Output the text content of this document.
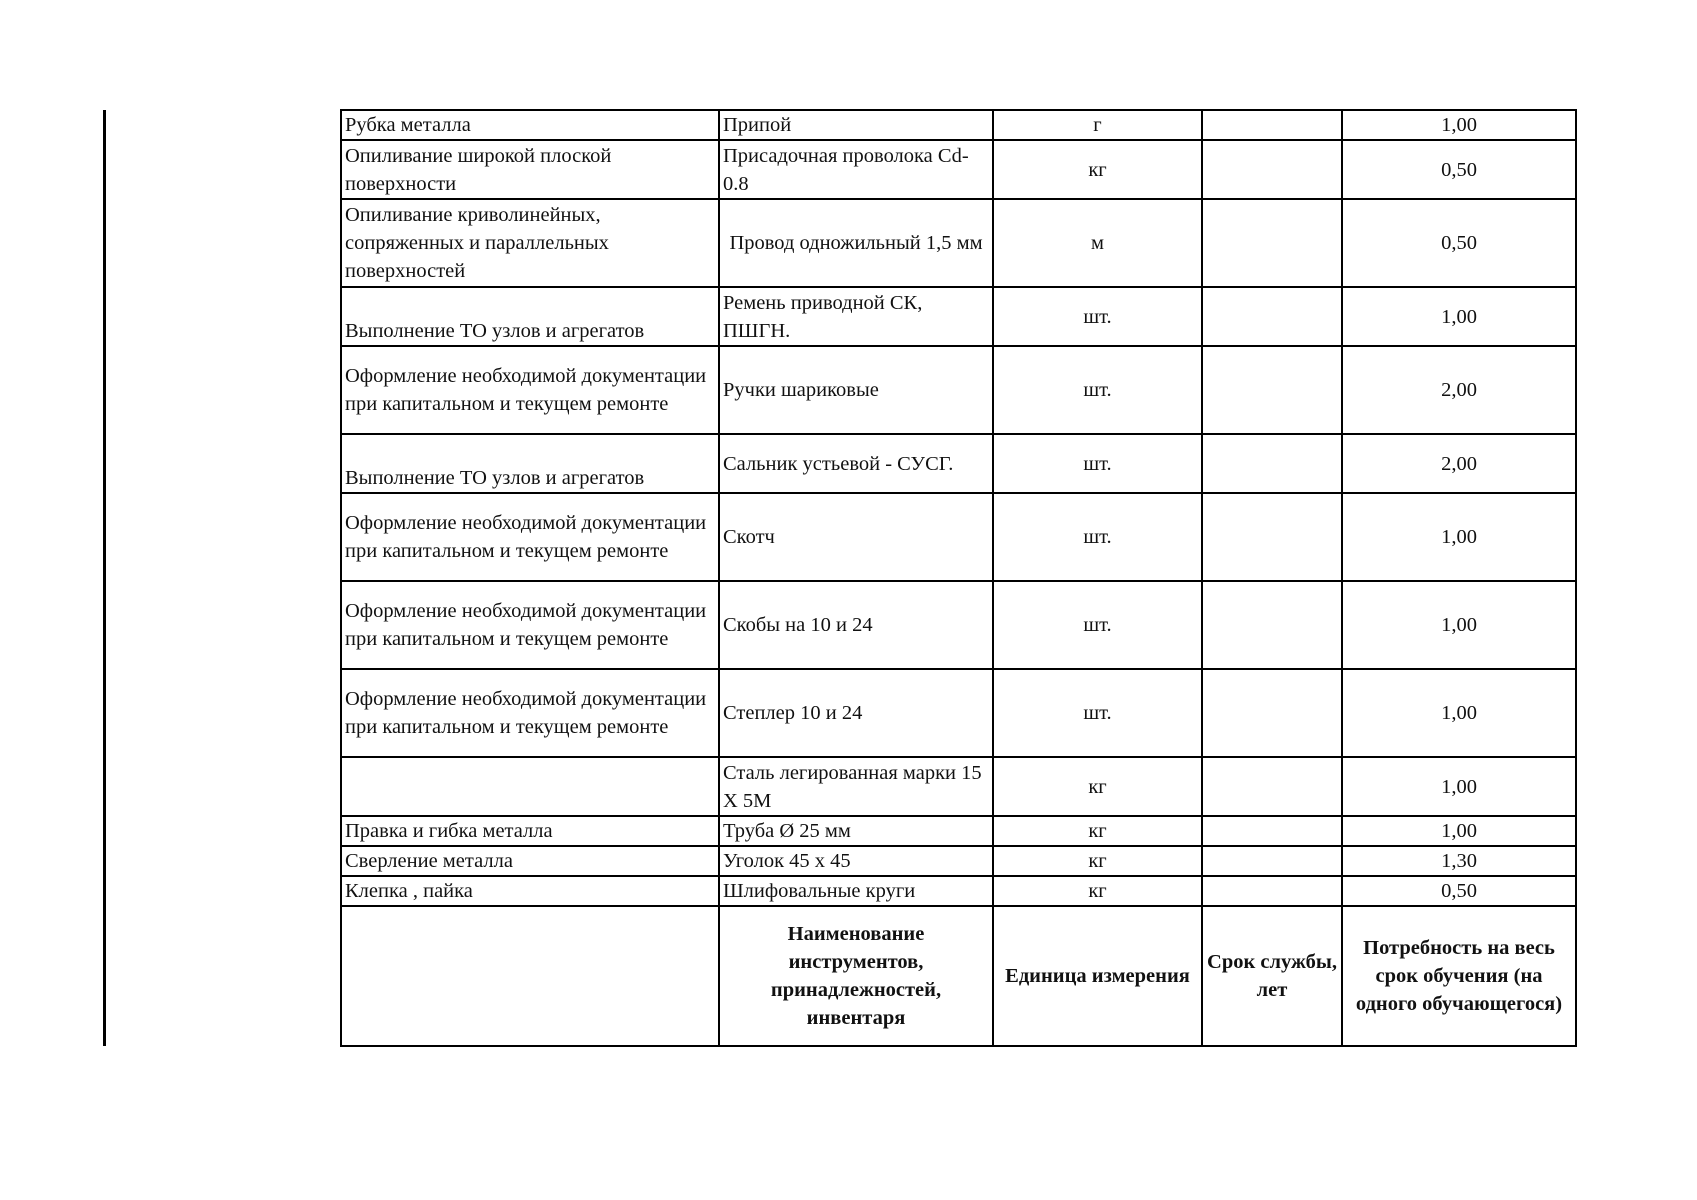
Рубка металла	Припой	г		1,00
Опиливание широкой плоской поверхности	Присадочная проволока Cd-0.8	кг		0,50
Опиливание криволинейных, сопряженных и параллельных поверхностей	Провод одножильный 1,5 мм	м		0,50
Выполнение ТО узлов и агрегатов	Ремень приводной СК, ПШГН.	шт.		1,00
Оформление необходимой документации при капитальном и текущем ремонте	Ручки шариковые	шт.		2,00
Выполнение ТО узлов и агрегатов	Сальник устьевой - СУСГ.	шт.		2,00
Оформление необходимой документации при капитальном и текущем ремонте	Скотч	шт.		1,00
Оформление необходимой документации при капитальном и текущем ремонте	Скобы на 10 и 24	шт.		1,00
Оформление необходимой документации при капитальном и текущем ремонте	Степлер 10 и 24	шт.		1,00
	Сталь легированная марки 15 Х 5М	кг		1,00
Правка и гибка металла	Труба Ø 25 мм	кг		1,00
Сверление металла	Уголок 45 х 45	кг		1,30
Клепка , пайка	Шлифовальные круги	кг		0,50
	Наименование инструментов, принадлежностей, инвентаря	Единица измерения	Срок службы, лет	Потребность на весь срок обучения (на одного обучающегося)
